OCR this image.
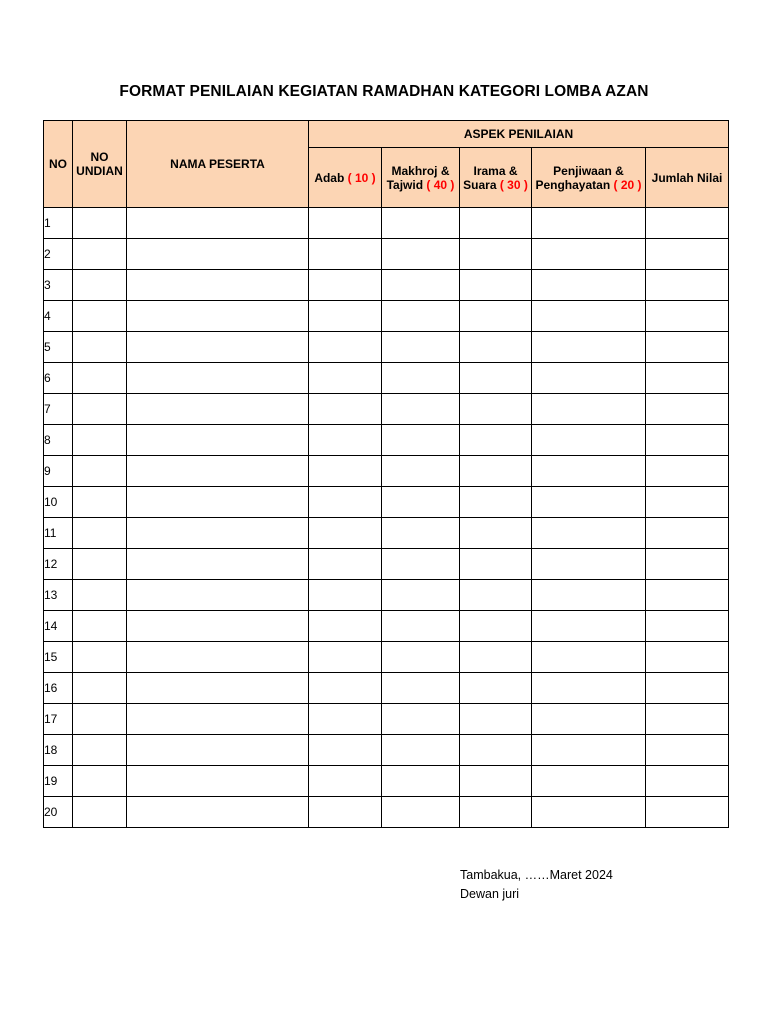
FORMAT PENILAIAN KEGIATAN RAMADHAN KATEGORI LOMBA AZAN
NO	NO UNDIAN	NAMA PESERTA	ASPEK PENILAIAN				
			Adab ( 10 )	Makhroj & Tajwid ( 40 )	Irama & Suara ( 30 )	Penjiwaan & Penghayatan ( 20 )	Jumlah Nilai
1							
2							
3							
4							
5							
6							
7							
8							
9							
10							
11							
12							
13							
14							
15							
16							
17							
18							
19							
20							
Tambakua, ……Maret 2024
Dewan juri
